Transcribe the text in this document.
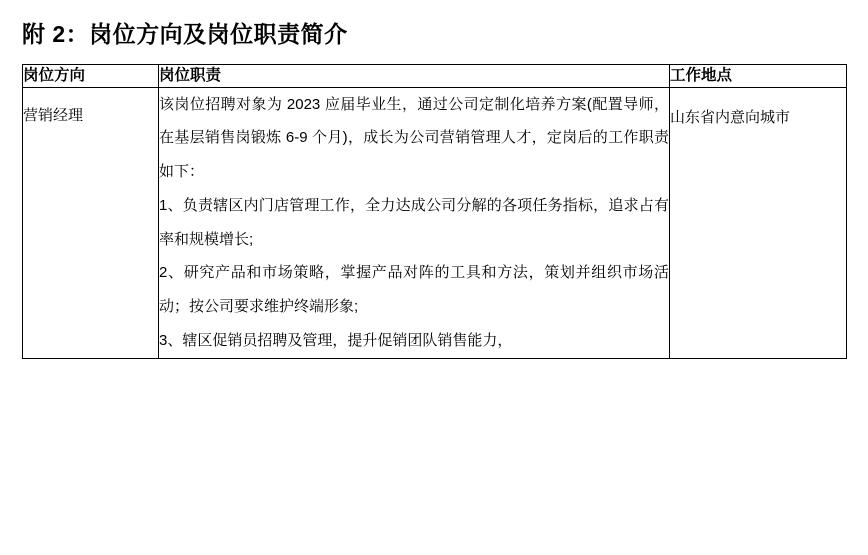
附 2：岗位方向及岗位职责简介
岗位方向	岗位职责	工作地点
营销经理	该岗位招聘对象为 2023 应届毕业生，通过公司定制化培养方案(配置导师，在基层销售岗锻炼 6-9 个月)，成长为公司营销管理人才，定岗后的工作职责如下：

1、负责辖区内门店管理工作，全力达成公司分解的各项任务指标，追求占有率和规模增长;

2、研究产品和市场策略，掌握产品对阵的工具和方法，策划并组织市场活动；按公司要求维护终端形象;

3、辖区促销员招聘及管理，提升促销团队销售能力，	山东省内意向城市
